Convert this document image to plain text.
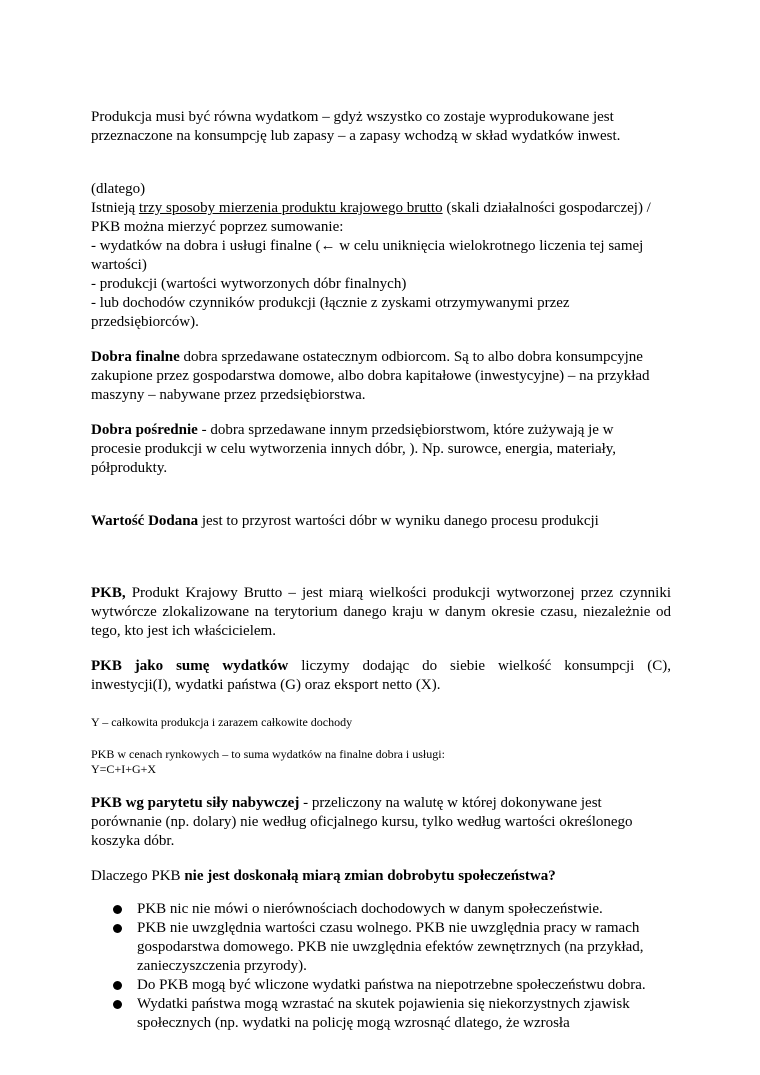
Produkcja musi być równa wydatkom – gdyż wszystko co zostaje wyprodukowane jest

przeznaczone na konsumpcję lub zapasy – a zapasy wchodzą w skład wydatków inwest.

(dlatego)

Istnieją trzy sposoby mierzenia produktu krajowego brutto (skali działalności gospodarczej) /

PKB można mierzyć poprzez sumowanie:

- wydatków na dobra i usługi finalne (← w celu uniknięcia wielokrotnego liczenia tej samej

wartości)

- produkcji (wartości wytworzonych dóbr finalnych)

- lub dochodów czynników produkcji (łącznie z zyskami otrzymywanymi przez

przedsiębiorców).

Dobra finalne dobra sprzedawane ostatecznym odbiorcom. Są to albo dobra konsumpcyjne

zakupione przez gospodarstwa domowe, albo dobra kapitałowe (inwestycyjne) – na przykład

maszyny – nabywane przez przedsiębiorstwa.

Dobra pośrednie - dobra sprzedawane innym przedsiębiorstwom, które zużywają je w

procesie produkcji w celu wytworzenia innych dóbr, ). Np. surowce, energia, materiały,

półprodukty.

Wartość Dodana jest to przyrost wartości dóbr w wyniku danego procesu produkcji

PKB, Produkt Krajowy Brutto – jest miarą wielkości produkcji wytworzonej przez czynniki

wytwórcze zlokalizowane na terytorium danego kraju w danym okresie czasu, niezależnie od

tego, kto jest ich właścicielem.

PKB jako sumę wydatków liczymy dodając do siebie wielkość konsumpcji (C),

inwestycji(I), wydatki państwa (G) oraz eksport netto (X).

Y – całkowita produkcja i zarazem całkowite dochody

PKB w cenach rynkowych – to suma wydatków na finalne dobra i usługi:

Y=C+I+G+X

PKB wg parytetu siły nabywczej - przeliczony na walutę w której dokonywane jest

porównanie (np. dolary) nie według oficjalnego kursu, tylko według wartości określonego

koszyka dóbr.

Dlaczego PKB nie jest doskonałą miarą zmian dobrobytu społeczeństwa?

PKB nic nie mówi o nierównościach dochodowych w danym społeczeństwie.

PKB nie uwzględnia wartości czasu wolnego. PKB nie uwzględnia pracy w ramach

gospodarstwa domowego. PKB nie uwzględnia efektów zewnętrznych (na przykład,

zanieczyszczenia przyrody).

Do PKB mogą być wliczone wydatki państwa na niepotrzebne społeczeństwu dobra.

Wydatki państwa mogą wzrastać na skutek pojawienia się niekorzystnych zjawisk

społecznych (np. wydatki na policję mogą wzrosnąć dlatego, że wzrosła
